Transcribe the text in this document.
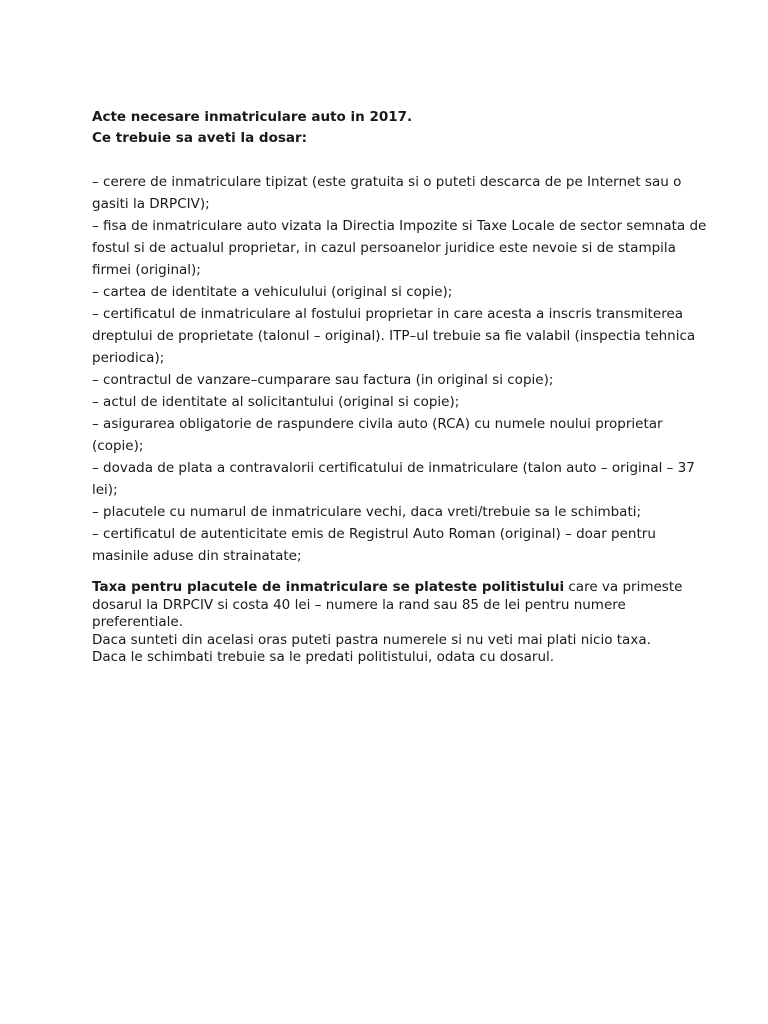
Acte necesare inmatriculare auto in 2017.

Ce trebuie sa aveti la dosar:

– cerere de inmatriculare tipizat (este gratuita si o puteti descarca de pe Internet sau o gasiti la DRPCIV);
– fisa de inmatriculare auto vizata la Directia Impozite si Taxe Locale de sector semnata de fostul si de actualul proprietar, in cazul persoanelor juridice este nevoie si de stampila firmei (original);
– cartea de identitate a vehiculului (original si copie);
– certificatul de inmatriculare al fostului proprietar in care acesta a inscris transmiterea dreptului de proprietate (talonul – original). ITP–ul trebuie sa fie valabil (inspectia tehnica periodica);
– contractul de vanzare–cumparare sau factura (in original si copie);
– actul de identitate al solicitantului (original si copie);
– asigurarea obligatorie de raspundere civila auto (RCA) cu numele noului proprietar (copie);
– dovada de plata a contravalorii certificatului de inmatriculare (talon auto – original – 37 lei);
– placutele cu numarul de inmatriculare vechi, daca vreti/trebuie sa le schimbati;
– certificatul de autenticitate emis de Registrul Auto Roman (original) – doar pentru masinile aduse din strainatate;

Taxa pentru placutele de inmatriculare se plateste politistului care va primeste dosarul la DRPCIV si costa 40 lei – numere la rand sau 85 de lei pentru numere preferentiale.

Daca sunteti din acelasi oras puteti pastra numerele si nu veti mai plati nicio taxa.

Daca le schimbati trebuie sa le predati politistului, odata cu dosarul.
